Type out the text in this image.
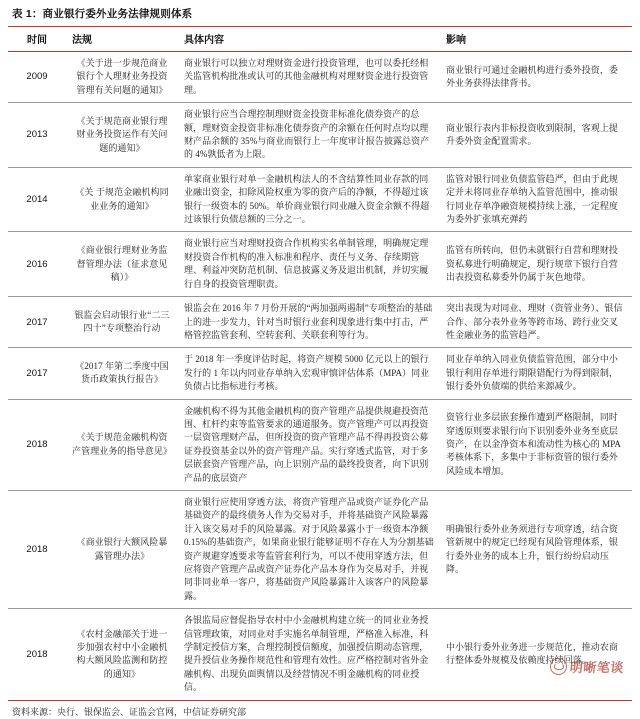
表 1：商业银行委外业务法律规则体系
时间	法规	具体内容	影响
2009	《关于进一步规范商业银行个人理财业务投资管理有关问题的通知》	商业银行可以独立对理财资金进行投资管理，也可以委托经相关监管机构批准或认可的其他金融机构对理财资金进行投资管理。	商业银行可通过金融机构进行委外投资，委外业务获得法律背书。
2013	《关于规范商业银行理财业务投资运作有关问题的通知》	商业银行应当合理控制理财资金投资非标准化债券资产的总额，理财资金投资非标准化债券资产的余额在任何时点均以理财产品余额的 35%与商业而银行上一年度审计报告披露总资产的 4%孰低者为上限。	商业银行表内非标投资收到限制，客观上提升委外资金配置需求。
2014	《关 于规范金融机构同业业务的通知》	单家商业银行对单一金融机构法人的不含结算性同业存款的同业融出资金，扣除风险权重为零的资产后的净额，不得超过该银行一级资本的 50%。单价商业银行同业融入资金余额不得超过该银行负债总额的三分之一。	监管对银行同业负债监管趋严，但由于此规定并未将同业存单纳入监管范围中，推动银行同业存单净融资规模持续上涨，一定程度为委外扩张填充弹药
2016	《商业银行理财业务监督管理办法（征求意见稿）》	商业银行应当对理财投资合作机构实名单制管理，明确规定理财投资合作机构的准入标准和程序、责任与义务、存续期管理、利益冲突防范机制、信息披露义务及退出机制，并切实履行自身的投资管理职责。	监管有所转向，但仍未就银行自营和理财投资私募进行明确规定，现行规章下银行自营出表投资私募委外仍属于灰色地带。
2017	银监会启动银行业“二三四十”专项整治行动	银监会在 2016 年 7 月份开展的“两加强两遏制”专项整治的基础上的进一步发力，针对当时银行业套利现象进行集中打击，严格管控监管套利、空转套利、关联套利等行为。	突出表现为对同业、理财（资管业务）、银信合作、部分表外业务等跨市场、跨行业交叉性金融业务的监管趋严。
2017	《2017 年第二季度中国货币政策执行报告》	于 2018 年一季度评估时起，将资产规模 5000 亿元以上的银行发行的 1 年以内同业存单纳入宏观审慎评估体系（MPA）同业负债占比指标进行考核。	同业存单纳入同业负债监管范围，部分中小银行利用存单进行期限错配行为得到限制，银行委外负债端的供给来源减少。
2018	《关于规范金融机构资产管理业务的指导意见》	金融机构不得为其他金融机构的资产管理产品提供规避投资范围、杠杆约束等监管要求的通道服务。资产管理产可以再投资一层资管理财产品，但所投资的资产管理产品不得再投资公募证券投资基金以外的资产管理产品。实行穿透式监管，对于多层嵌套资产管理产品，向上识别产品的最终投资者，向下识别产品的底层资产	资管行业多层嵌套操作遭到严格限制，同时穿透原则要求银行向下识别委外业务至底层资产，在以金净资本和流动性为核心的 MPA 考核体系下，多集中于非标资管的银行委外风险成本增加。
2018	《商业银行大额风险暴露管理办法》	商业银行应使用穿透方法，将资产管理产品或资产证券化产品基础资产的最终债务人作为交易对手，并将基础资产风险暴露计入该交易对手的风险暴露。对于风险暴露小于一级资本净额 0.15%的基础资产，如果商业银行能够证明不存在人为分割基础资产规避穿透要求等监管套利行为，可以不使用穿透方法，但应将资产管理产品或资产证券化产品本身作为交易对手，并视同非同业单一客户，将基础资产风险暴露计入该客户的风险暴露。	明确银行委外业务须进行专项穿透，结合资管新规中的规定已经现有风险管理体系，银行委外业务的成本上升，银行纷纷启动压降。
2018	《农村金融部关于进一步加强农村中小金融机构大额风险监测和防控的通知》	各银监局应督促指导农村中小金融机构建立统一的同业业务授信管理政策，对同业对手实施名单制管理，严格准入标准，科学制定授信方案，合理控制授信额度，加强授信期动态管理，提升授信业务操作规范性和管理有效性。应严格控制对省外金融机构、出现负面舆情以及经营情况不明金融机构的同业授信。	中小银行委外业务进一步规范化，推动农商行整体委外规模及依赖度持续回落。
资料来源：央行、银保监会、证监会官网，中信证券研究部
明晰笔谈
